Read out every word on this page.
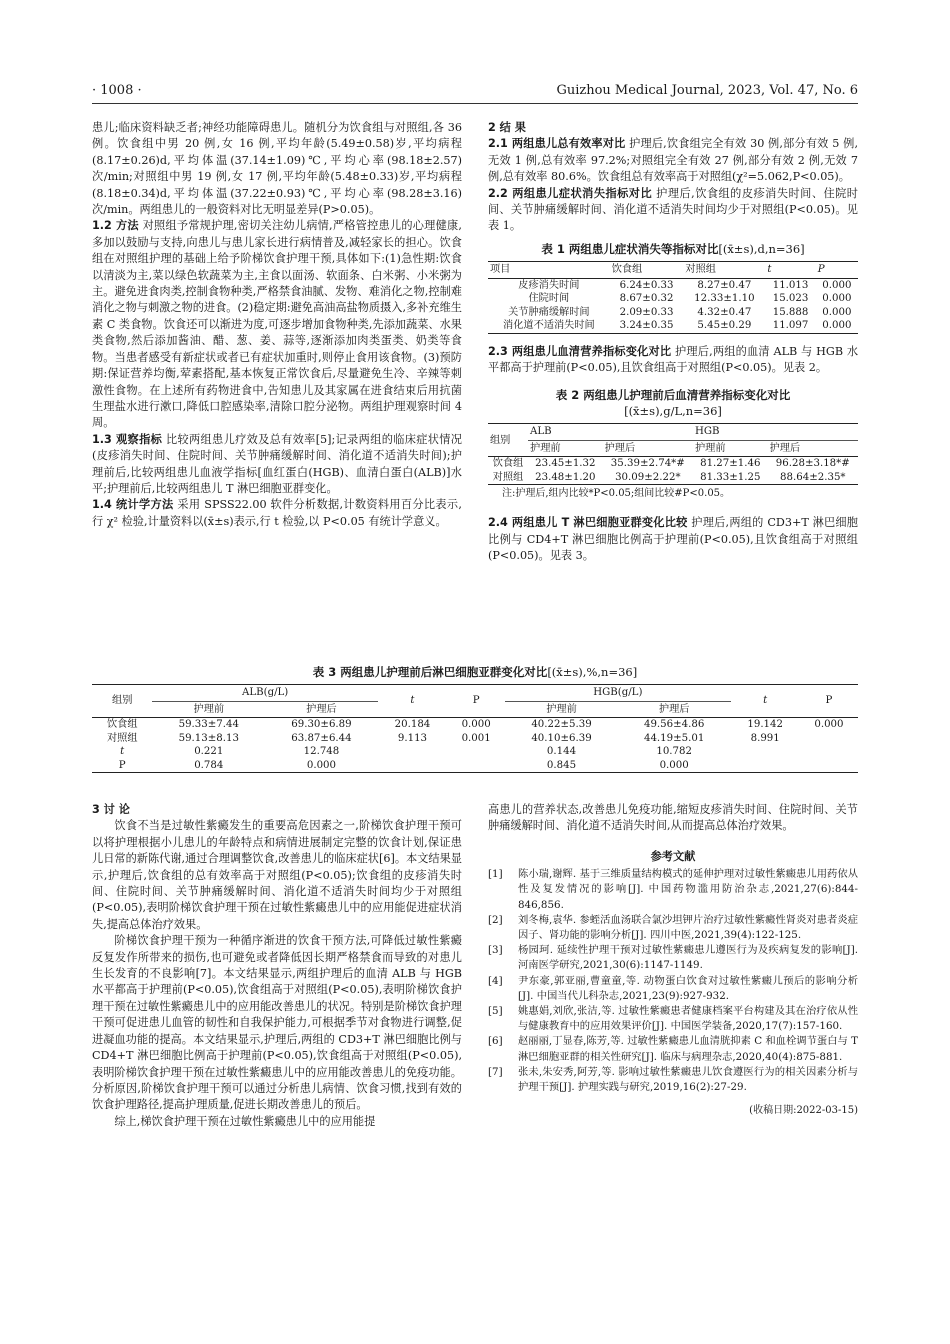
· 1008 ·	Guizhou Medical Journal, 2023, Vol. 47, No. 6

患儿;临床资料缺乏者;神经功能障碍患儿。随机分为饮食组与对照组,各 36 例。饮食组中男 20 例,女 16 例,平均年龄(5.49±0.58)岁,平均病程(8.17±0.26)d,平均体温(37.14±1.09)℃,平均心率(98.18±2.57)次/min;对照组中男 19 例,女 17 例,平均年龄(5.48±0.33)岁,平均病程(8.18±0.34)d,平均体温(37.22±0.93)℃,平均心率(98.28±3.16)次/min。两组患儿的一般资料对比无明显差异(P>0.05)。

1.2 方法 对照组予常规护理,密切关注幼儿病情,严格管控患儿的心理健康,多加以鼓励与支持,向患儿与患儿家长进行病情普及,减轻家长的担心。饮食组在对照组护理的基础上给予阶梯饮食护理干预,具体如下:(1)急性期:饮食以清淡为主,菜以绿色软蔬菜为主,主食以面汤、软面条、白米粥、小米粥为主。避免进食肉类,控制食物种类,严格禁食油腻、发物、难消化之物,控制难消化之物与刺激之物的进食。(2)稳定期:避免高油高盐物质摄入,多补充维生素 C 类食物。饮食还可以渐进为度,可逐步增加食物种类,先添加蔬菜、水果类食物,然后添加酱油、醋、葱、姜、蒜等,逐渐添加肉类蛋类、奶类等食物。当患者感受有新症状或者已有症状加重时,则停止食用该食物。(3)预防期:保证营养均衡,荤素搭配,基本恢复正常饮食后,尽量避免生冷、辛辣等刺激性食物。在上述所有药物进食中,告知患儿及其家属在进食结束后用抗菌生理盐水进行漱口,降低口腔感染率,清除口腔分泌物。两组护理观察时间 4 周。

1.3 观察指标 比较两组患儿疗效及总有效率[5];记录两组的临床症状情况(皮疹消失时间、住院时间、关节肿痛缓解时间、消化道不适消失时间);护理前后,比较两组患儿血液学指标[血红蛋白(HGB)、血清白蛋白(ALB)]水平;护理前后,比较两组患儿 T 淋巴细胞亚群变化。

1.4 统计学方法 采用 SPSS22.00 软件分析数据,计数资料用百分比表示,行 χ² 检验,计量资料以(x̄±s)表示,行 t 检验,以 P<0.05 有统计学意义。

2 结 果

2.1 两组患儿总有效率对比 护理后,饮食组完全有效 30 例,部分有效 5 例,无效 1 例,总有效率 97.2%;对照组完全有效 27 例,部分有效 2 例,无效 7 例,总有效率 80.6%。饮食组总有效率高于对照组(χ²=5.062,P<0.05)。

2.2 两组患儿症状消失指标对比 护理后,饮食组的皮疹消失时间、住院时间、关节肿痛缓解时间、消化道不适消失时间均少于对照组(P<0.05)。见表 1。

表 1 两组患儿症状消失等指标对比[(x̄±s),d,n=36]
项目	饮食组	对照组	t	P
皮疹消失时间	6.24±0.33	8.27±0.47	11.013	0.000
住院时间	8.67±0.32	12.33±1.10	15.023	0.000
关节肿痛缓解时间	2.09±0.33	4.32±0.47	15.888	0.000
消化道不适消失时间	3.24±0.35	5.45±0.29	11.097	0.000

2.3 两组患儿血清营养指标变化对比 护理后,两组的血清 ALB 与 HGB 水平都高于护理前(P<0.05),且饮食组高于对照组(P<0.05)。见表 2。

表 2 两组患儿护理前后血清营养指标变化对比
[(x̄±s),g/L,n=36]
组别	ALB		HGB	
	护理前	护理后	护理前	护理后
饮食组	23.45±1.32	35.39±2.74*#	81.27±1.46	96.28±3.18*#
对照组	23.48±1.20	30.09±2.22*	81.33±1.25	88.64±2.35*
注:护理后,组内比较*P<0.05;组间比较#P<0.05。

2.4 两组患儿 T 淋巴细胞亚群变化比较 护理后,两组的 CD3+T 淋巴细胞比例与 CD4+T 淋巴细胞比例高于护理前(P<0.05),且饮食组高于对照组(P<0.05)。见表 3。

表 3 两组患儿护理前后淋巴细胞亚群变化对比[(x̄±s),%,n=36]
组别	ALB(g/L)		t	P	HGB(g/L)		t	P
	护理前	护理后			护理前	护理后		
饮食组	59.33±7.44	69.30±6.89	20.184	0.000	40.22±5.39	49.56±4.86	19.142	0.000
对照组	59.13±8.13	63.87±6.44	9.113	0.001	40.10±6.39	44.19±5.01	8.991	
t	0.221	12.748			0.144	10.782		
P	0.784	0.000			0.845	0.000		

3 讨 论

饮食不当是过敏性紫癜发生的重要高危因素之一,阶梯饮食护理干预可以将护理根据小儿患儿的年龄特点和病情进展制定完整的饮食计划,保证患儿日常的新陈代谢,通过合理调整饮食,改善患儿的临床症状[6]。本文结果显示,护理后,饮食组的总有效率高于对照组(P<0.05);饮食组的皮疹消失时间、住院时间、关节肿痛缓解时间、消化道不适消失时间均少于对照组(P<0.05),表明阶梯饮食护理干预在过敏性紫癜患儿中的应用能促进症状消失,提高总体治疗效果。

阶梯饮食护理干预为一种循序渐进的饮食干预方法,可降低过敏性紫癜反复发作所带来的损伤,也可避免或者降低因长期严格禁食而导致的对患儿生长发育的不良影响[7]。本文结果显示,两组护理后的血清 ALB 与 HGB 水平都高于护理前(P<0.05),饮食组高于对照组(P<0.05),表明阶梯饮食护理干预在过敏性紫癜患儿中的应用能改善患儿的状况。特别是阶梯饮食护理干预可促进患儿血管的韧性和自我保护能力,可根据季节对食物进行调整,促进凝血功能的提高。本文结果显示,护理后,两组的 CD3+T 淋巴细胞比例与 CD4+T 淋巴细胞比例高于护理前(P<0.05),饮食组高于对照组(P<0.05),表明阶梯饮食护理干预在过敏性紫癜患儿中的应用能改善患儿的免疫功能。分析原因,阶梯饮食护理干预可以通过分析患儿病情、饮食习惯,找到有效的饮食护理路径,提高护理质量,促进长期改善患儿的预后。

综上,梯饮食护理干预在过敏性紫癜患儿中的应用能提

高患儿的营养状态,改善患儿免疫功能,缩短皮疹消失时间、住院时间、关节肿痛缓解时间、消化道不适消失时间,从而提高总体治疗效果。

参考文献

[1]	陈小瑞,谢辉. 基于三维质量结构模式的延伸护理对过敏性紫癜患儿用药依从性及复发情况的影响[J]. 中国药物滥用防治杂志,2021,27(6):844-846,856.
[2]	刘冬梅,袁华. 参蛭活血汤联合氯沙坦钾片治疗过敏性紫癜性肾炎对患者炎症因子、肾功能的影响分析[J]. 四川中医,2021,39(4):122-125.
[3]	杨园珂. 延续性护理干预对过敏性紫癜患儿遵医行为及疾病复发的影响[J]. 河南医学研究,2021,30(6):1147-1149.
[4]	尹东豪,郭亚丽,曹童童,等. 动物蛋白饮食对过敏性紫癜儿预后的影响分析[J]. 中国当代儿科杂志,2021,23(9):927-932.
[5]	姚惠娟,刘欣,张洁,等. 过敏性紫癜患者健康档案平台构建及其在治疗依从性与健康教育中的应用效果评价[J]. 中国医学装备,2020,17(7):157-160.
[6]	赵丽丽,丁显春,陈芳,等. 过敏性紫癜患儿血清胱抑素 C 和血栓调节蛋白与 T 淋巴细胞亚群的相关性研究[J]. 临床与病理杂志,2020,40(4):875-881.
[7]	张未,朱安秀,阿芳,等. 影响过敏性紫癜患儿饮食遵医行为的相关因素分析与护理干预[J]. 护理实践与研究,2019,16(2):27-29.
(收稿日期:2022-03-15)
